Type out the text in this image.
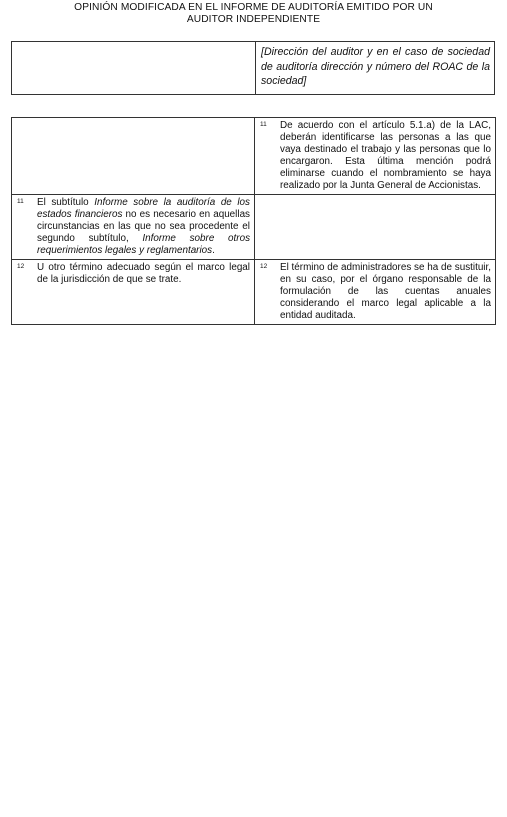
OPINIÓN MODIFICADA EN EL INFORME DE AUDITORÍA EMITIDO POR UN
AUDITOR INDEPENDIENTE
[Dirección del auditor y en el caso de sociedad de auditoría dirección y número del ROAC de la sociedad]

	11 De acuerdo con el artículo 5.1.a) de la LAC, deberán identificarse las personas a las que vaya destinado el trabajo y las personas que lo encargaron. Esta última mención podrá eliminarse cuando el nombramiento se haya realizado por la Junta General de Accionistas.

11 El subtítulo Informe sobre la auditoría de los estados financieros no es necesario en aquellas circunstancias en las que no sea procedente el segundo subtítulo, Informe sobre otros requerimientos legales y reglamentarios.	

12 U otro término adecuado según el marco legal de la jurisdicción de que se trate.	12 El término de administradores se ha de sustituir, en su caso, por el órgano responsable de la formulación de las cuentas anuales considerando el marco legal aplicable a la entidad auditada.
